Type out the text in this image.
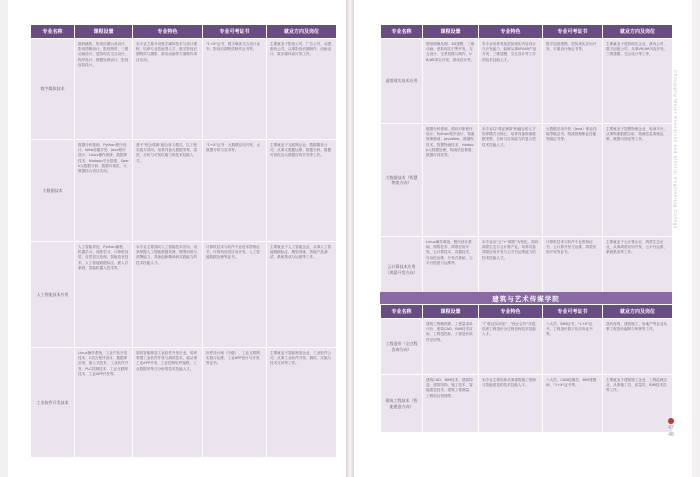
专业名称	课程设置	专业特色	专业可考证书	就业方向及岗位
数字媒体技术	数码摄影、影视后期合成设计、影视剪辑设计、影视特效、三维动画设计、虚拟现实交互设计、程序设计、数据处理设计、影视包装设计。	本专业主要开设数字媒体技术与设计课程、培养专业技能型人才，数字影视后期特效与摄影、游戏动画等方面制作项目实训。	"1+X"证书、数字媒体交互设计证书、影视后期特效制作证书等。	主要就业于影视公司、广告公司、动漫游戏公司，从事影视后期制作、动画设计、数字媒体设计等工作。
大数据技术	数据分析基础、Python程序设计、Web前端开发、Java程序设计、Linux操作系统、数据库技术、Hadoop平台搭建、Spark大数据分析、数据可视化、大数据综合项目实训。	基于"校企课赛"融合育人模式，以工程实践为导向，培养具备大数据采集、清洗、分析与可视化能力的技术技能人才。	"1+X"证书：大数据应用开发、大数据分析与应用等。	主要就业于互联网企业、数据服务公司，从事大数据运维、数据分析、数据可视化及大数据应用开发等工作。
人工智能技术应用	人工智能导论、Python编程、机器学习、深度学习、计算机视觉、自然语言处理、智能语音技术、人工智能数据标注、嵌入式系统、智能机器人技术等。	本专业主要面向人工智能技术应用，培养掌握人工智能数据处理、模型训练与部署能力，具备创新精神和实践能力的技术技能人才。	计算机技术与软件专业技术资格证书、计算机视觉应用开发、人工智能数据处理等证书。	主要就业于人工智能企业，从事人工智能数据标注、模型训练、智能产品测试、系统集成与运维等工作。
工业软件开发技术	Linux操作系统、工业产品开发技术、C语言程序设计、数据库应用、嵌入式技术、工业软件开发、PLC控制技术、工业互联网技术、工业APP开发等。	面向智能制造工业软件开发行业，培养掌握工业软件开发与测试技术，能从事工业APP开发、工业控制软件编程、工业数据采集与分析的技术技能人才。	软件设计师（中级）、工业互联网实施与运维、工业APP设计与开发等证书。	主要就业于智能制造企业、工业软件公司，从事工业软件开发、测试、实施与技术支持等工作。
专业名称	课程设置	专业特色	专业可考证书	就业方向及岗位
虚拟现实技术应用	图形图像处理、3D建模、三维动画、虚拟现实引擎开发、交互设计、全景拍摄与制作、VR/AR项目开发、游戏设计等。	本专业培养具备虚拟现实内容设计与开发能力，能够从事VR/AR产品开发、三维建模、交互设计等工作的技术技能人才。	数字创意建模、虚拟现实应用开发、平面设计师证书等。	主要就业于虚拟现实企业、游戏公司、数字创意公司，从事VR/AR内容开发、三维建模、交互设计等工作。
大数据技术（智慧物流方向）	数据分析基础、面向对象程序设计、Python程序设计、物流管理基础、JavaWeb、数据库技术、智慧物流技术、Hadoop大数据处理、物流信息系统、数据可视化等。	本专业以"课证赛岗"相融合的人才培养模式为核心，培养具备物流数据采集、分析与应用能力的复合型技术技能人才。	大数据应用开发（Java）职业技能等级证书、物流管理职业技能等级证书等。	主要就业于智慧物流企业、电商平台，从事物流数据分析、物流信息系统运维、数据可视化等工作。
云计算技术应用（鸿蒙开发方向）	Linux操作系统、程序设计基础、网络技术、鸿蒙应用开发、云计算技术、容器技术、自动化运维、分布式系统、云平台搭建与运维等。	本专业以"云"+"鸿蒙"为特色，面向鸿蒙生态与云计算产业，培养具备鸿蒙应用开发与云平台运维能力的技术技能人才。	计算机技术与软件专业资格证书、云计算开发与运维、鸿蒙应用开发等证书。	主要就业于云计算企业、鸿蒙生态企业，从事鸿蒙应用开发、云平台运维、系统集成等工作。
建筑与艺术传媒学院
专业名称	课程设置	专业特色	专业可考证书	就业方向及岗位
工程造价（全过程咨询方向）	建筑工程概预算、工程量清单计价、建筑CAD、BIM技术应用、工程招投标、工程造价软件应用等。	"广联达实训室"、"校企合作"共建，培养工程造价全过程咨询技术技能人才。	八大员、BIM证书、"1+X"证书、工程造价数字化应用证书等。	造价咨询、建筑施工、房地产等企业从事工程造价编制与审核等工作。
建筑工程技术（智能建造方向）	建筑CAD、BIM技术、建筑构造、建筑结构、施工技术、智能建造技术、建筑工程测量、工程项目管理等。	本专业主要培养从事建筑施工管理与智能建造的技术技能人才。	八大员、CAD绘图员、BIM建模师、"1+X"证书等。	主要就业于建筑施工企业、工程监理企业，从事施工员、质量员、BIM技术员等工作。
Chongqing Water Resources and Electric Engineering College
47
48
